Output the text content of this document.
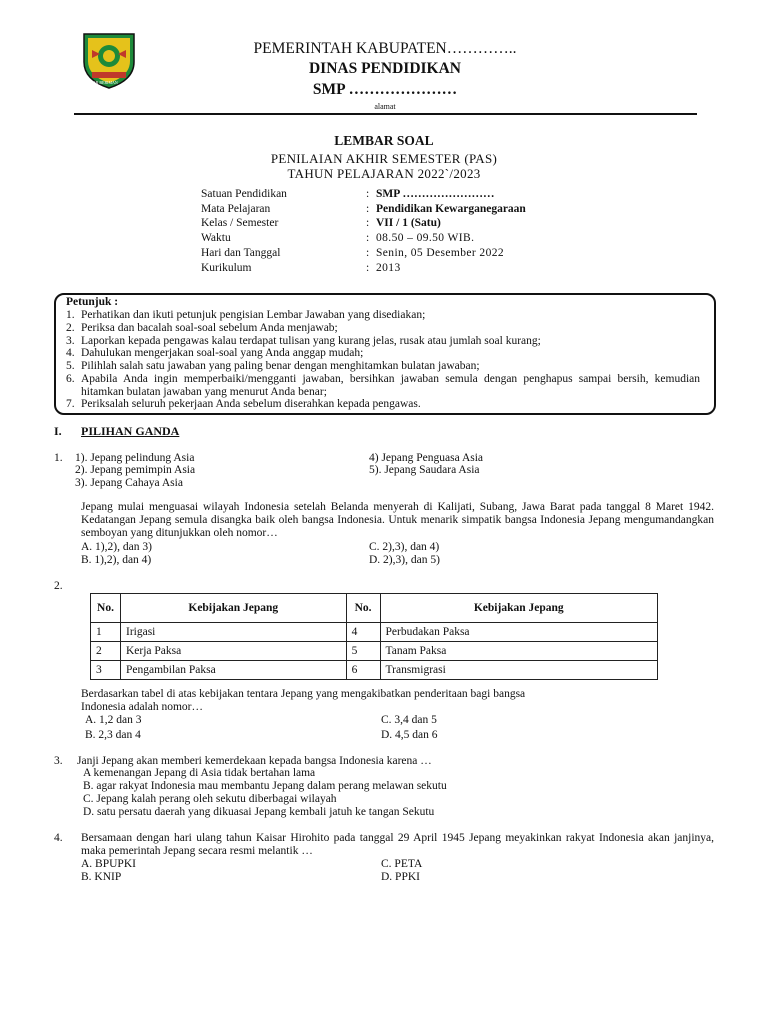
TEGAR BERIMAN
PEMERINTAH KABUPATEN…………..
DINAS PENDIDIKAN
SMP …………………
alamat
LEMBAR SOAL
PENILAIAN AKHIR SEMESTER (PAS)
TAHUN PELAJARAN 2022`/2023
Satuan Pendidikan	: SMP ……………………
Mata Pelajaran	: Pendidikan Kewarganegaraan
Kelas / Semester	: VII / 1 (Satu)
Waktu	: 08.50 – 09.50 WIB.
Hari dan Tanggal	: Senin, 05 Desember 2022
Kurikulum	: 2013
Petunjuk :
1. Perhatikan dan ikuti petunjuk pengisian Lembar Jawaban yang disediakan;
2. Periksa dan bacalah soal-soal sebelum Anda menjawab;
3. Laporkan kepada pengawas kalau terdapat tulisan yang kurang jelas, rusak atau jumlah soal kurang;
4. Dahulukan mengerjakan soal-soal yang Anda anggap mudah;
5. Pilihlah salah satu jawaban yang paling benar dengan menghitamkan bulatan jawaban;
6. Apabila Anda ingin memperbaiki/mengganti jawaban, bersihkan jawaban semula dengan penghapus sampai bersih, kemudian hitamkan bulatan jawaban yang menurut Anda benar;
7. Periksalah seluruh pekerjaan Anda sebelum diserahkan kepada pengawas.
I. PILIHAN GANDA
1. 1). Jepang pelindung Asia
2). Jepang pemimpin Asia
3). Jepang Cahaya Asia
4) Jepang Penguasa Asia
5). Jepang Saudara Asia
Jepang mulai menguasai wilayah Indonesia setelah Belanda menyerah di Kalijati, Subang, Jawa Barat pada tanggal 8 Maret 1942. Kedatangan Jepang semula disangka baik oleh bangsa Indonesia. Untuk menarik simpatik bangsa Indonesia Jepang mengumandangkan semboyan yang ditunjukkan oleh nomor…
A. 1),2), dan 3)
B. 1),2), dan 4)
C. 2),3), dan 4)
D. 2),3), dan 5)
2.
No.	Kebijakan Jepang	No.	Kebijakan Jepang
1	Irigasi	4	Perbudakan Paksa
2	Kerja Paksa	5	Tanam Paksa
3	Pengambilan Paksa	6	Transmigrasi
Berdasarkan tabel di atas kebijakan tentara Jepang yang mengakibatkan penderitaan bagi bangsa
Indonesia adalah nomor…
A. 1,2 dan 3
B. 2,3 dan 4
C. 3,4 dan 5
D. 4,5 dan 6
3. Janji Jepang akan memberi kemerdekaan kepada bangsa Indonesia karena …
A kemenangan Jepang di Asia tidak bertahan lama
B. agar rakyat Indonesia mau membantu Jepang dalam perang melawan sekutu
C. Jepang kalah perang oleh sekutu diberbagai wilayah
D. satu persatu daerah yang dikuasai Jepang kembali jatuh ke tangan Sekutu
4. Bersamaan dengan hari ulang tahun Kaisar Hirohito pada tanggal 29 April 1945 Jepang meyakinkan rakyat Indonesia akan janjinya, maka pemerintah Jepang secara resmi melantik …
A. BPUPKI
B. KNIP
C. PETA
D. PPKI
